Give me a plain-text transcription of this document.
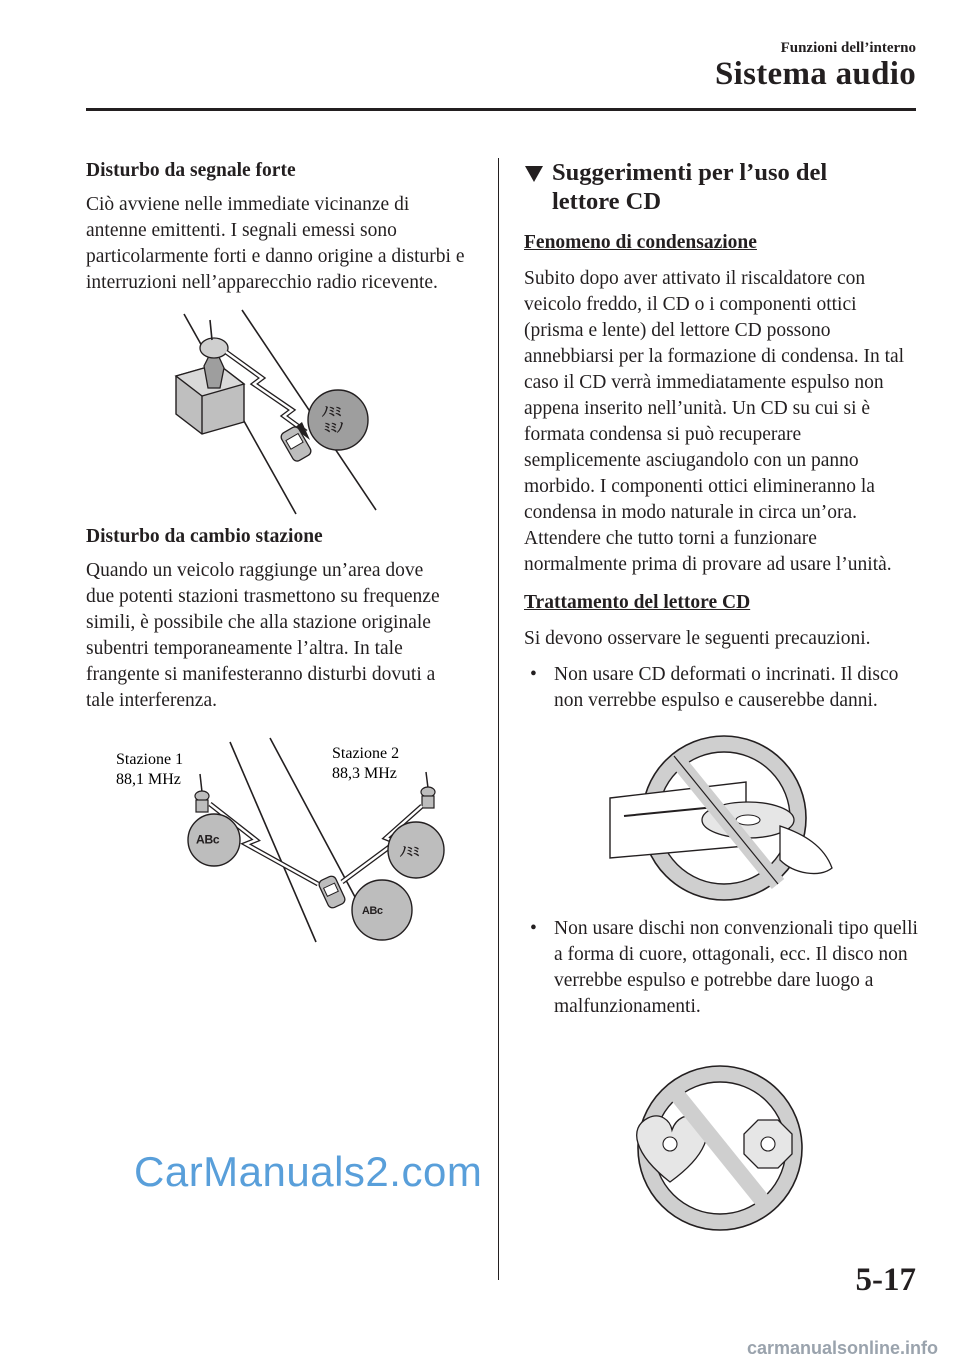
Funzioni dell’interno
Sistema audio
Disturbo da segnale forte

Ciò avviene nelle immediate vicinanze di antenne emittenti. I segnali emessi sono particolarmente forti e danno origine a disturbi e interruzioni nell’apparecchio radio ricevente.

ﾉﾐﾐ
ﾐﾐﾉ
Disturbo da cambio stazione

Quando un veicolo raggiunge un’area dove due potenti stazioni trasmettono su frequenze simili, è possibile che alla stazione originale subentri temporaneamente l’altra. In tale frangente si manifesteranno disturbi dovuti a tale interferenza.

Stazione 1
88,1 MHz
Stazione 2
88,3 MHz
ᴬᴮᶜ	ﾉﾐﾐ
ᴬᴮᶜ
Suggerimenti per l’uso del
lettore CD
Fenomeno di condensazione

Subito dopo aver attivato il riscaldatore con veicolo freddo, il CD o i componenti ottici (prisma e lente) del lettore CD possono annebbiarsi per la formazione di condensa. In tal caso il CD verrà immediatamente espulso non appena inserito nell’unità. Un CD su cui si è formata condensa si può recuperare semplicemente asciugandolo con un panno morbido. I componenti ottici elimineranno la condensa in modo naturale in circa un’ora. Attendere che tutto torni a funzionare normalmente prima di provare ad usare l’unità.

Trattamento del lettore CD

Si devono osservare le seguenti precauzioni.

• Non usare CD deformati o incrinati. Il disco non verrebbe espulso e causerebbe danni.
• Non usare dischi non convenzionali tipo quelli a forma di cuore, ottagonali, ecc. Il disco non verrebbe espulso e potrebbe dare luogo a malfunzionamenti.
CarManuals2.com
5-17
carmanualsonline.info
